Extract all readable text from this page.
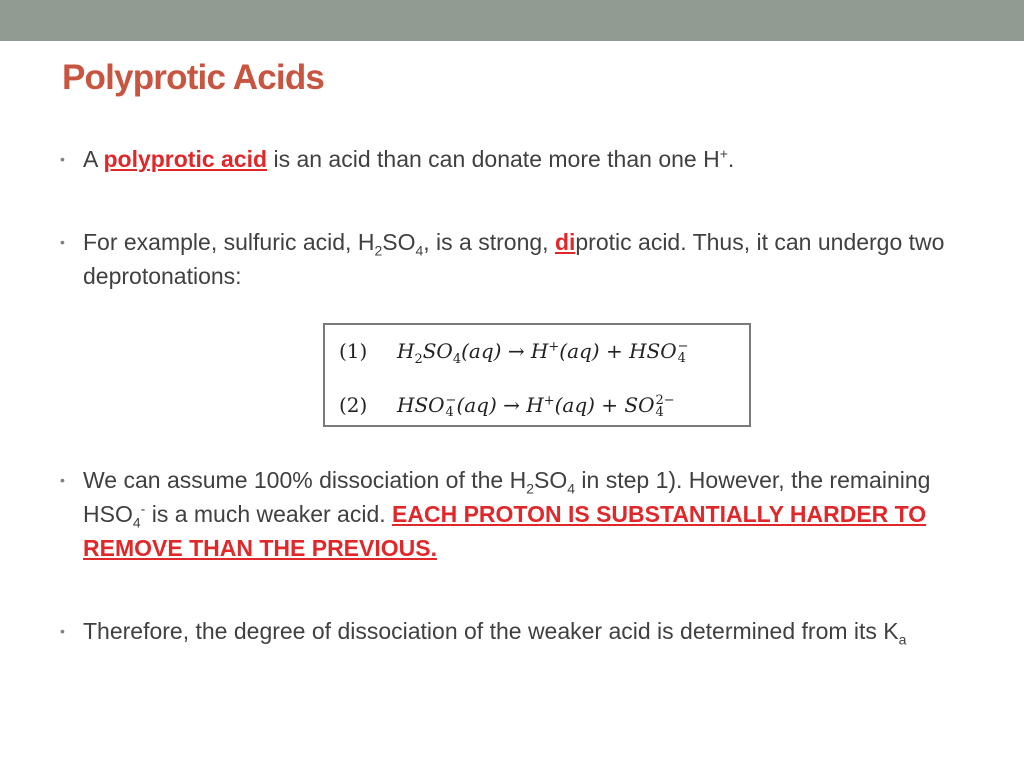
Polyprotic Acids
• A polyprotic acid is an acid than can donate more than one H+.
• For example, sulfuric acid, $H_2SO_4$, is a strong, diprotic acid. Thus, it can undergo two deprotonations:
(1) $H_2SO_4(aq) \to H^+(aq)$ + HSO −
4
(2) HSO −
4 (aq) → H+(aq) + SO 2−
4
• We can assume 100% dissociation of the $H_2SO_4$ in step 1). However, the remaining $HSO_4^-$ is a much weaker acid. EACH PROTON IS SUBSTANTIALLY HARDER TO REMOVE THAN THE PREVIOUS.
• Therefore, the degree of dissociation of the weaker acid is determined from its $K_a$
